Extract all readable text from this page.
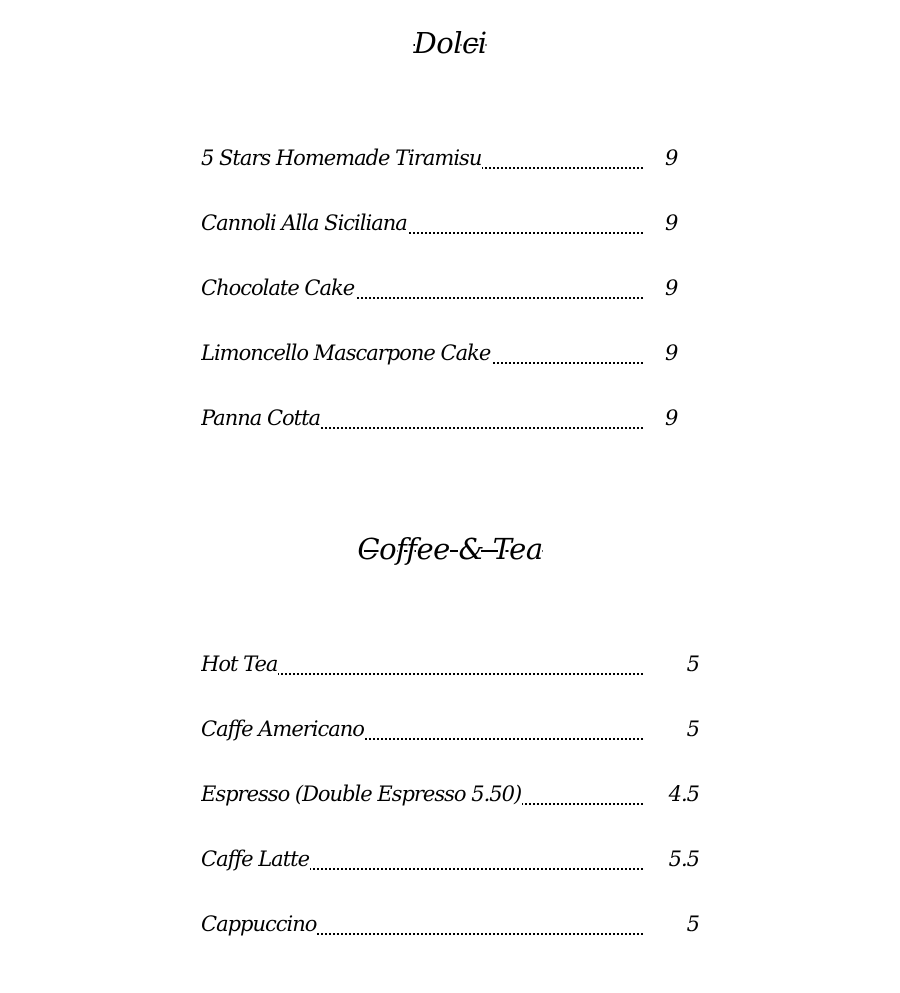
Dolci
5 Stars Homemade Tiramisu	9
Cannoli Alla Siciliana	9
Chocolate Cake	9
Limoncello Mascarpone Cake	9
Panna Cotta	9
Coffee & Tea
Hot Tea	5
Caffe Americano	5
Espresso (Double Espresso 5.50)	4.5
Caffe Latte	5.5
Cappuccino	5
